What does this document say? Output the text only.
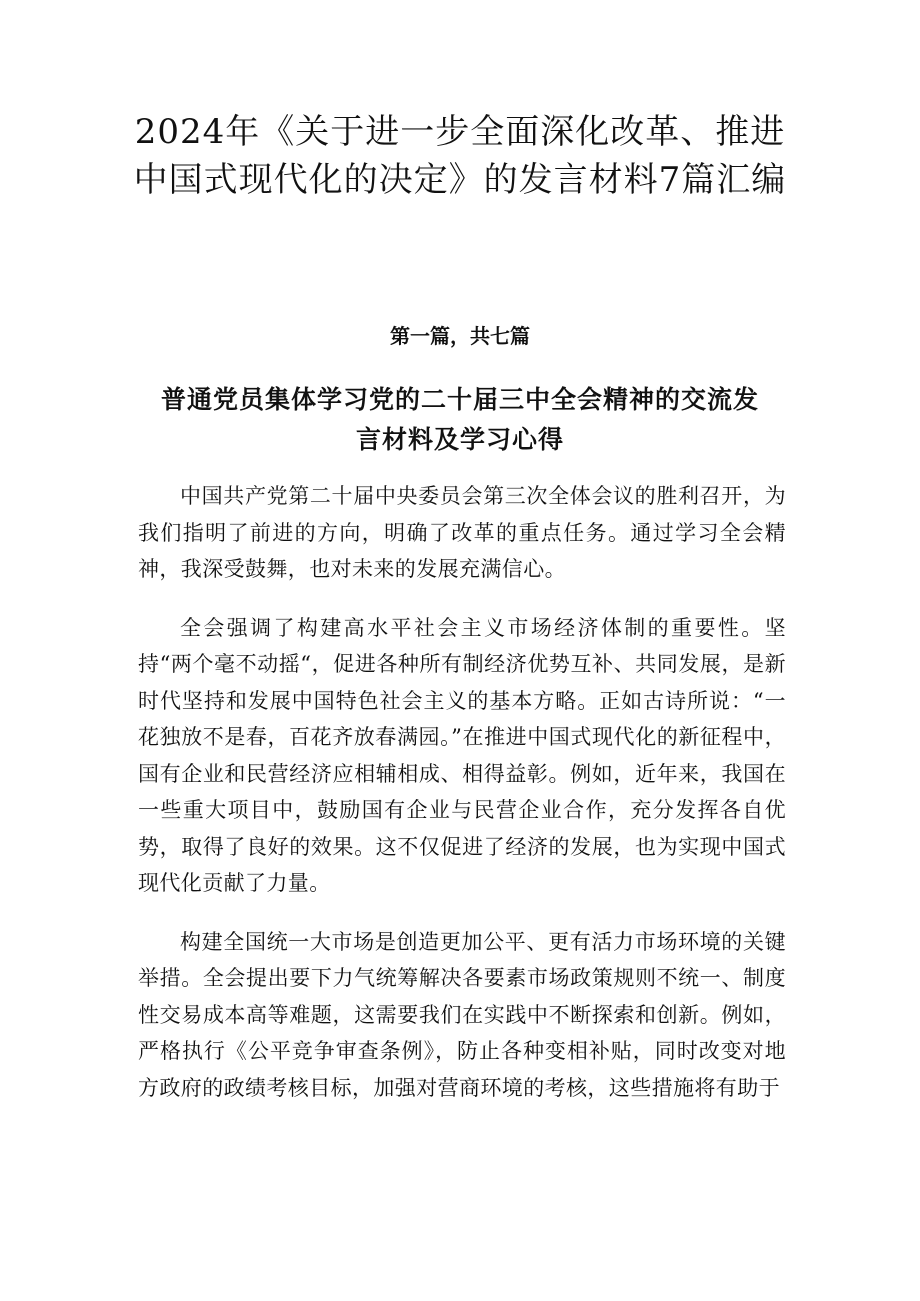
2024年《关于进一步全面深化改革、推进中国式现代化的决定》的发言材料7篇汇编
第一篇，共七篇
普通党员集体学习党的二十届三中全会精神的交流发言材料及学习心得

中国共产党第二十届中央委员会第三次全体会议的胜利召开，为我们指明了前进的方向，明确了改革的重点任务。通过学习全会精神，我深受鼓舞，也对未来的发展充满信心。

全会强调了构建高水平社会主义市场经济体制的重要性。坚持“两个毫不动摇“，促进各种所有制经济优势互补、共同发展，是新时代坚持和发展中国特色社会主义的基本方略。正如古诗所说：“一花独放不是春，百花齐放春满园。”在推进中国式现代化的新征程中，国有企业和民营经济应相辅相成、相得益彰。例如，近年来，我国在一些重大项目中，鼓励国有企业与民营企业合作，充分发挥各自优势，取得了良好的效果。这不仅促进了经济的发展，也为实现中国式现代化贡献了力量。

构建全国统一大市场是创造更加公平、更有活力市场环境的关键举措。全会提出要下力气统筹解决各要素市场政策规则不统一、制度性交易成本高等难题，这需要我们在实践中不断探索和创新。例如，严格执行《公平竞争审查条例》，防止各种变相补贴，同时改变对地方政府的政绩考核目标，加强对营商环境的考核，这些措施将有助于
